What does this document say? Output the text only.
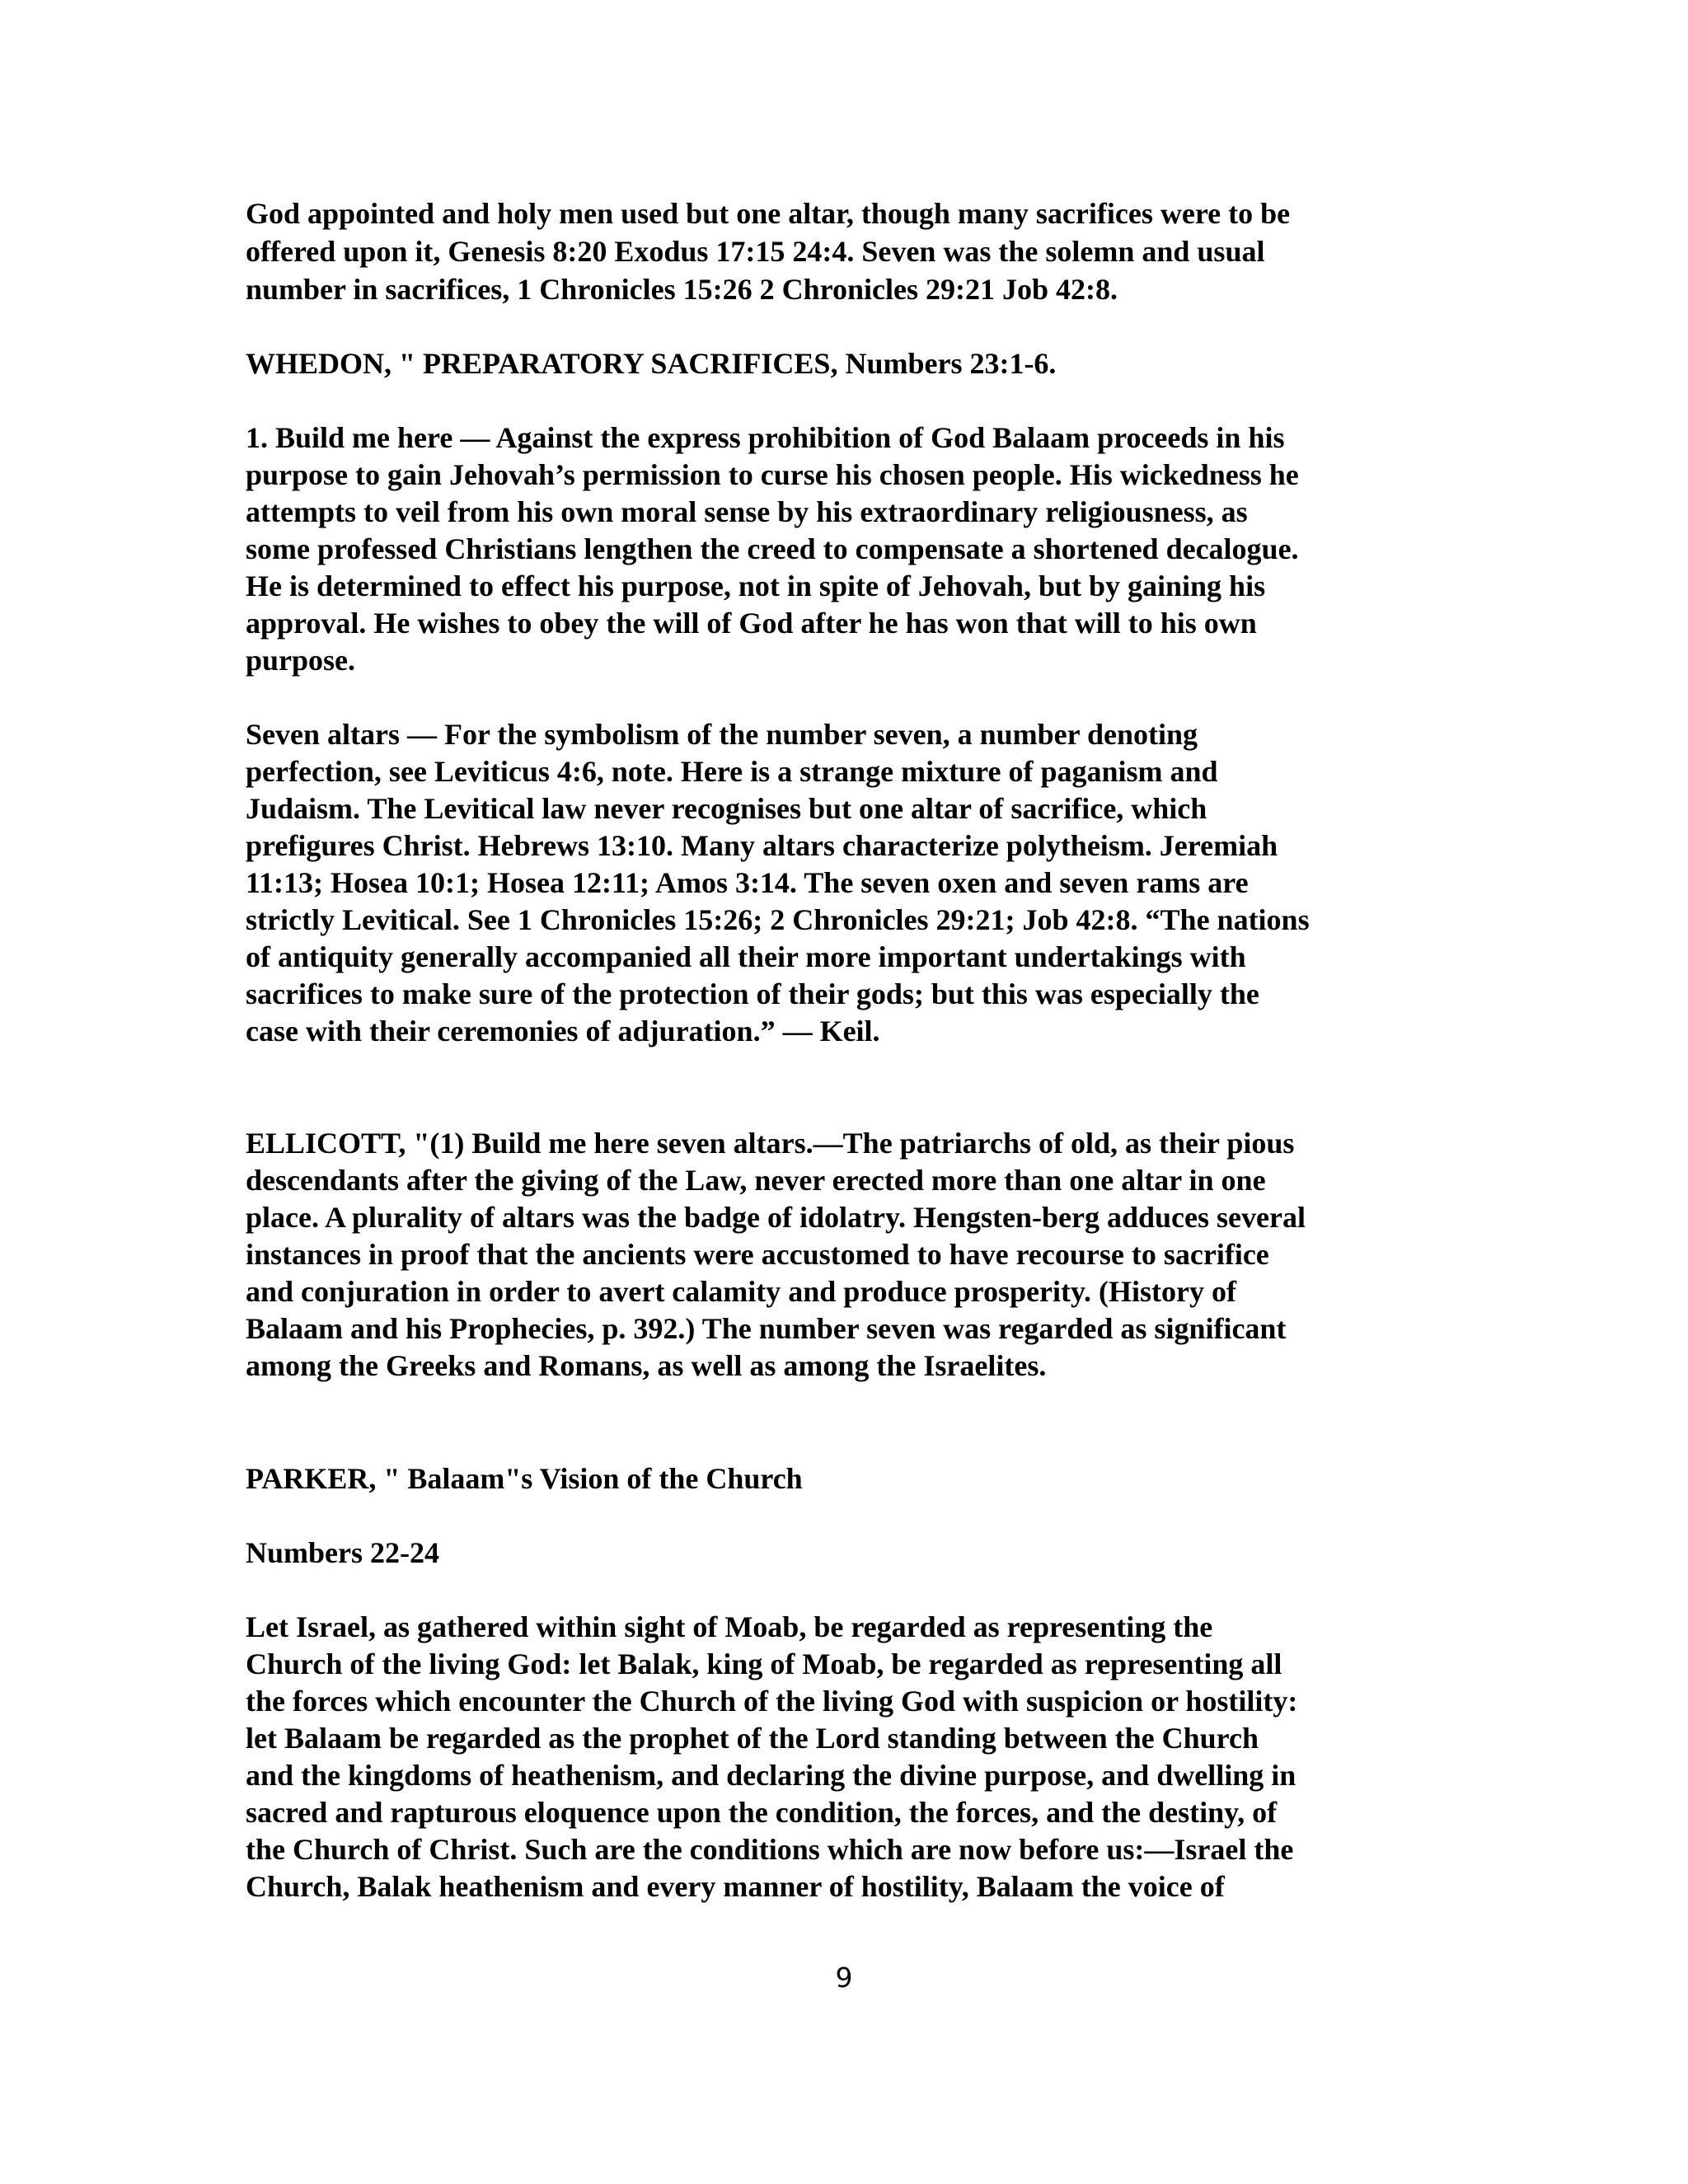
God appointed and holy men used but one altar, though many sacrifices were to be

offered upon it, Genesis 8:20 Exodus 17:15 24:4. Seven was the solemn and usual

number in sacrifices, 1 Chronicles 15:26 2 Chronicles 29:21 Job 42:8.

WHEDON, " PREPARATORY SACRIFICES, Numbers 23:1-6.

1. Build me here — Against the express prohibition of God Balaam proceeds in his

purpose to gain Jehovah’s permission to curse his chosen people. His wickedness he

attempts to veil from his own moral sense by his extraordinary religiousness, as

some professed Christians lengthen the creed to compensate a shortened decalogue.

He is determined to effect his purpose, not in spite of Jehovah, but by gaining his

approval. He wishes to obey the will of God after he has won that will to his own

purpose.

Seven altars — For the symbolism of the number seven, a number denoting

perfection, see Leviticus 4:6, note. Here is a strange mixture of paganism and

Judaism. The Levitical law never recognises but one altar of sacrifice, which

prefigures Christ. Hebrews 13:10. Many altars characterize polytheism. Jeremiah

11:13; Hosea 10:1; Hosea 12:11; Amos 3:14. The seven oxen and seven rams are

strictly Levitical. See 1 Chronicles 15:26; 2 Chronicles 29:21; Job 42:8. “The nations

of antiquity generally accompanied all their more important undertakings with

sacrifices to make sure of the protection of their gods; but this was especially the

case with their ceremonies of adjuration.” — Keil.

ELLICOTT, "(1) Build me here seven altars.—The patriarchs of old, as their pious

descendants after the giving of the Law, never erected more than one altar in one

place. A plurality of altars was the badge of idolatry. Hengsten-berg adduces several

instances in proof that the ancients were accustomed to have recourse to sacrifice

and conjuration in order to avert calamity and produce prosperity. (History of

Balaam and his Prophecies, p. 392.) The number seven was regarded as significant

among the Greeks and Romans, as well as among the Israelites.

PARKER, " Balaam"s Vision of the Church

Numbers 22-24

Let Israel, as gathered within sight of Moab, be regarded as representing the

Church of the living God: let Balak, king of Moab, be regarded as representing all

the forces which encounter the Church of the living God with suspicion or hostility:

let Balaam be regarded as the prophet of the Lord standing between the Church

and the kingdoms of heathenism, and declaring the divine purpose, and dwelling in

sacred and rapturous eloquence upon the condition, the forces, and the destiny, of

the Church of Christ. Such are the conditions which are now before us:—Israel the

Church, Balak heathenism and every manner of hostility, Balaam the voice of

9
